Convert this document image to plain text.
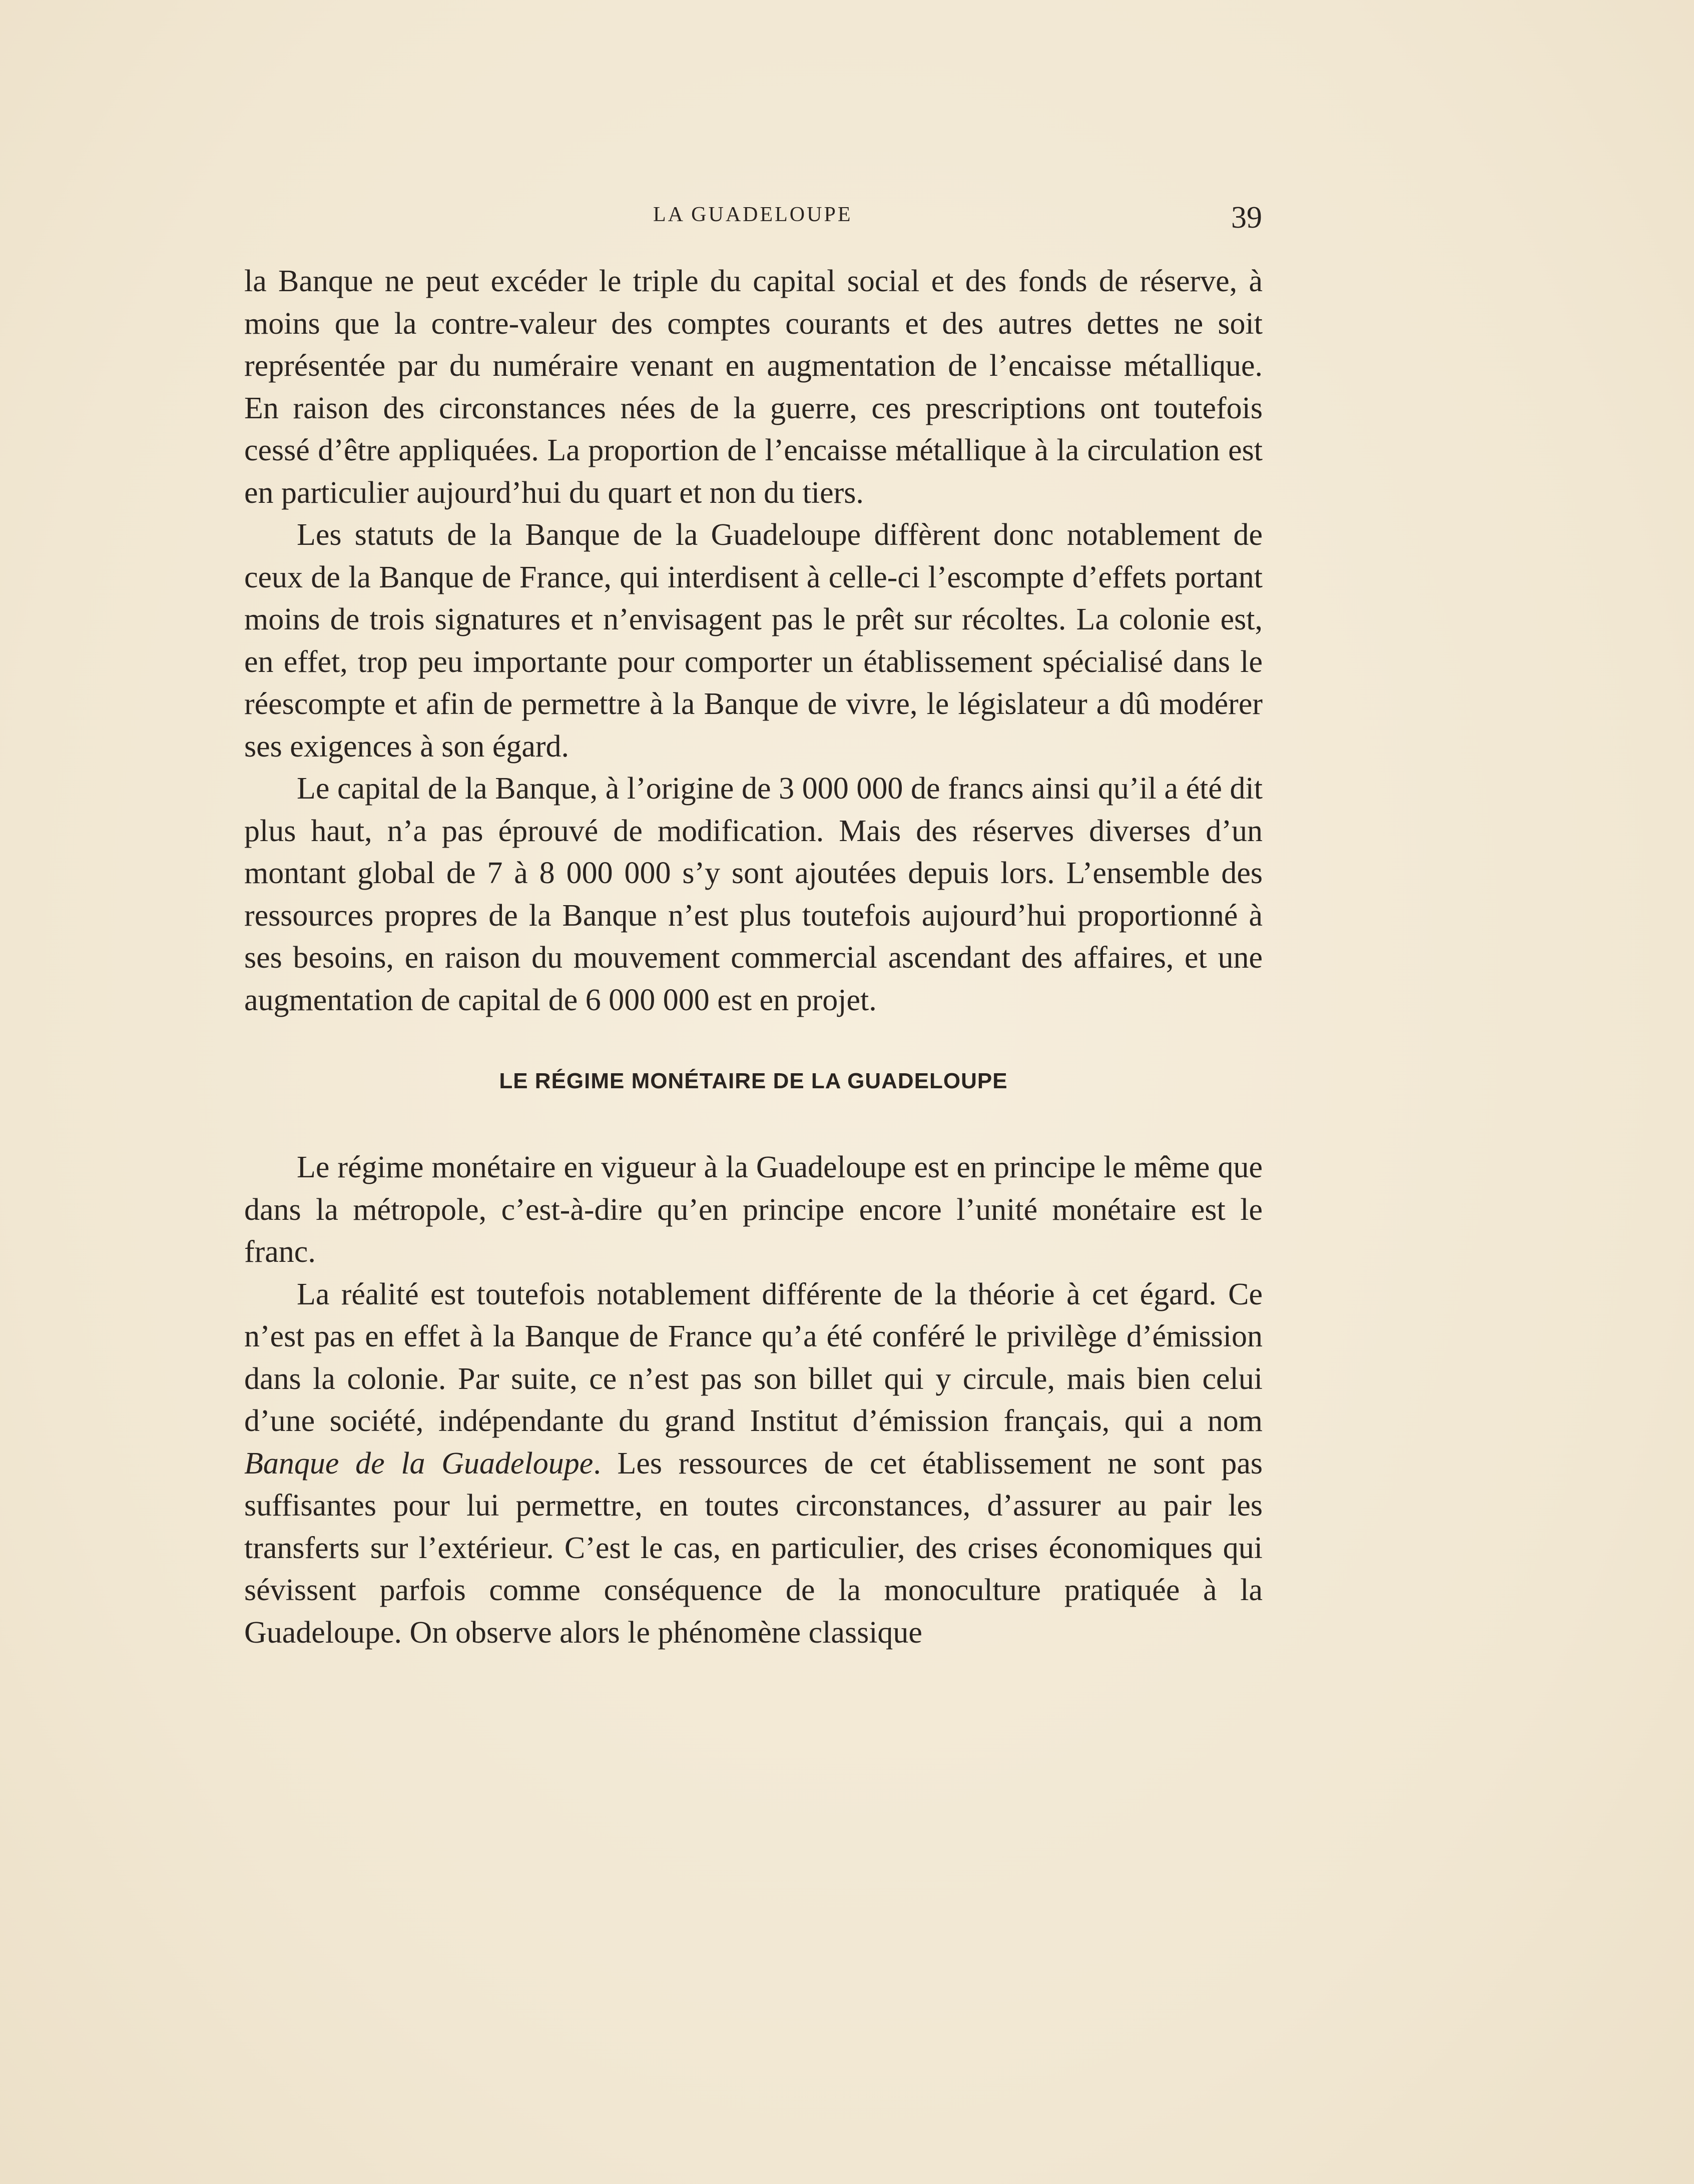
LA GUADELOUPE	39

la Banque ne peut excéder le triple du capital social et des fonds de réserve, à moins que la contre-valeur des comptes courants et des autres dettes ne soit représentée par du numéraire venant en augmentation de l’encaisse métallique. En raison des circonstances nées de la guerre, ces prescriptions ont toutefois cessé d’être appliquées. La proportion de l’encaisse métallique à la circulation est en particulier aujourd’hui du quart et non du tiers.

Les statuts de la Banque de la Guadeloupe diffèrent donc notablement de ceux de la Banque de France, qui interdisent à celle-ci l’escompte d’effets portant moins de trois signatures et n’envisagent pas le prêt sur récoltes. La colonie est, en effet, trop peu importante pour comporter un établissement spécialisé dans le réescompte et afin de permettre à la Banque de vivre, le législateur a dû modérer ses exigences à son égard.

Le capital de la Banque, à l’origine de 3 000 000 de francs ainsi qu’il a été dit plus haut, n’a pas éprouvé de modification. Mais des réserves diverses d’un montant global de 7 à 8 000 000 s’y sont ajoutées depuis lors. L’ensemble des ressources propres de la Banque n’est plus toutefois aujourd’hui proportionné à ses besoins, en raison du mouvement commercial ascendant des affaires, et une augmentation de capital de 6 000 000 est en projet.

LE RÉGIME MONÉTAIRE DE LA GUADELOUPE

Le régime monétaire en vigueur à la Guadeloupe est en principe le même que dans la métropole, c’est-à-dire qu’en principe encore l’unité monétaire est le franc.

La réalité est toutefois notablement différente de la théorie à cet égard. Ce n’est pas en effet à la Banque de France qu’a été conféré le privilège d’émission dans la colonie. Par suite, ce n’est pas son billet qui y circule, mais bien celui d’une société, indépendante du grand Institut d’émission français, qui a nom Banque de la Guadeloupe. Les ressources de cet établissement ne sont pas suffisantes pour lui permettre, en toutes circonstances, d’assurer au pair les transferts sur l’extérieur. C’est le cas, en particulier, des crises économiques qui sévissent parfois comme conséquence de la monoculture pratiquée à la Guadeloupe. On observe alors le phénomène classique
